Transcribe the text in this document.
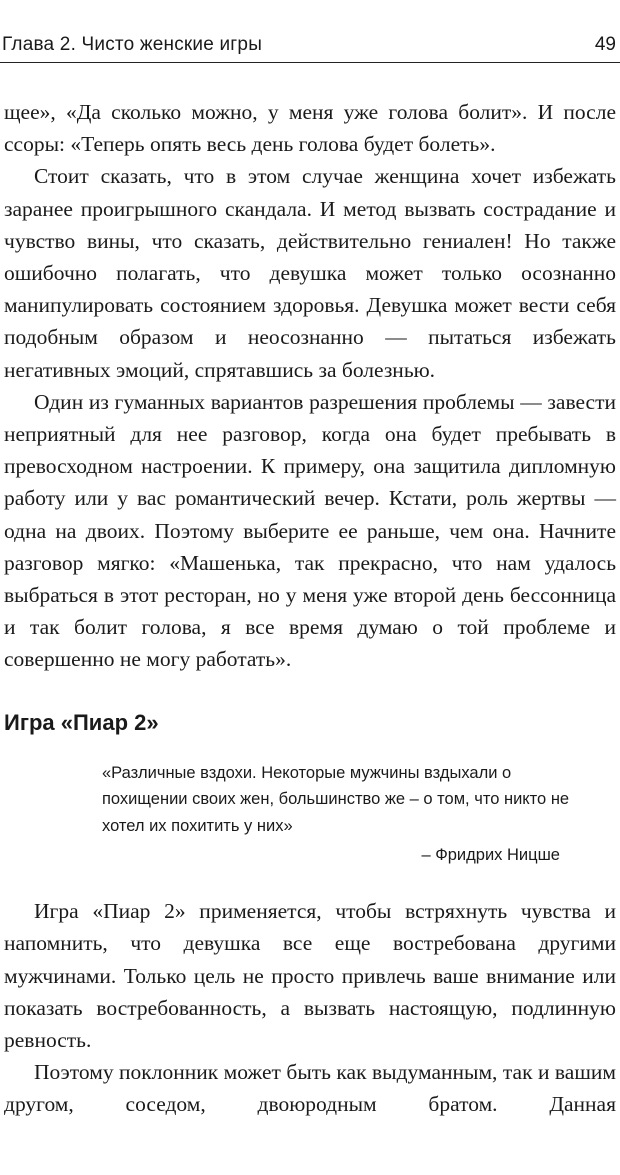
Глава 2. Чисто женские игры	49

щее», «Да сколько можно, у меня уже голова болит». И после ссоры: «Теперь опять весь день голова будет болеть».

Стоит сказать, что в этом случае женщина хочет избежать заранее проигрышного скандала. И метод вызвать сострадание и чувство вины, что сказать, действительно гениален! Но также ошибочно полагать, что девушка может только осознанно манипулировать состоянием здоровья. Девушка может вести себя подобным образом и неосознанно — пытаться избежать негативных эмоций, спрятавшись за болезнью.

Один из гуманных вариантов разрешения проблемы — завести неприятный для нее разговор, когда она будет пребывать в превосходном настроении. К примеру, она защитила дипломную работу или у вас романтический вечер. Кстати, роль жертвы — одна на двоих. Поэтому выберите ее раньше, чем она. Начните разговор мягко: «Машенька, так прекрасно, что нам удалось выбраться в этот ресторан, но у меня уже второй день бессонница и так болит голова, я все время думаю о той проблеме и совершенно не могу работать».

Игра «Пиар 2»
«Различные вздохи. Некоторые мужчины вздыхали о похищении своих жен, большинство же – о том, что никто не хотел их похитить у них»
– Фридрих Ницше

Игра «Пиар 2» применяется, чтобы встряхнуть чувства и напомнить, что девушка все еще востребована другими мужчинами. Только цель не просто привлечь ваше внимание или показать востребованность, а вызвать настоящую, подлинную ревность.

Поэтому поклонник может быть как выдуманным, так и вашим другом, соседом, двоюродным братом. Данная
